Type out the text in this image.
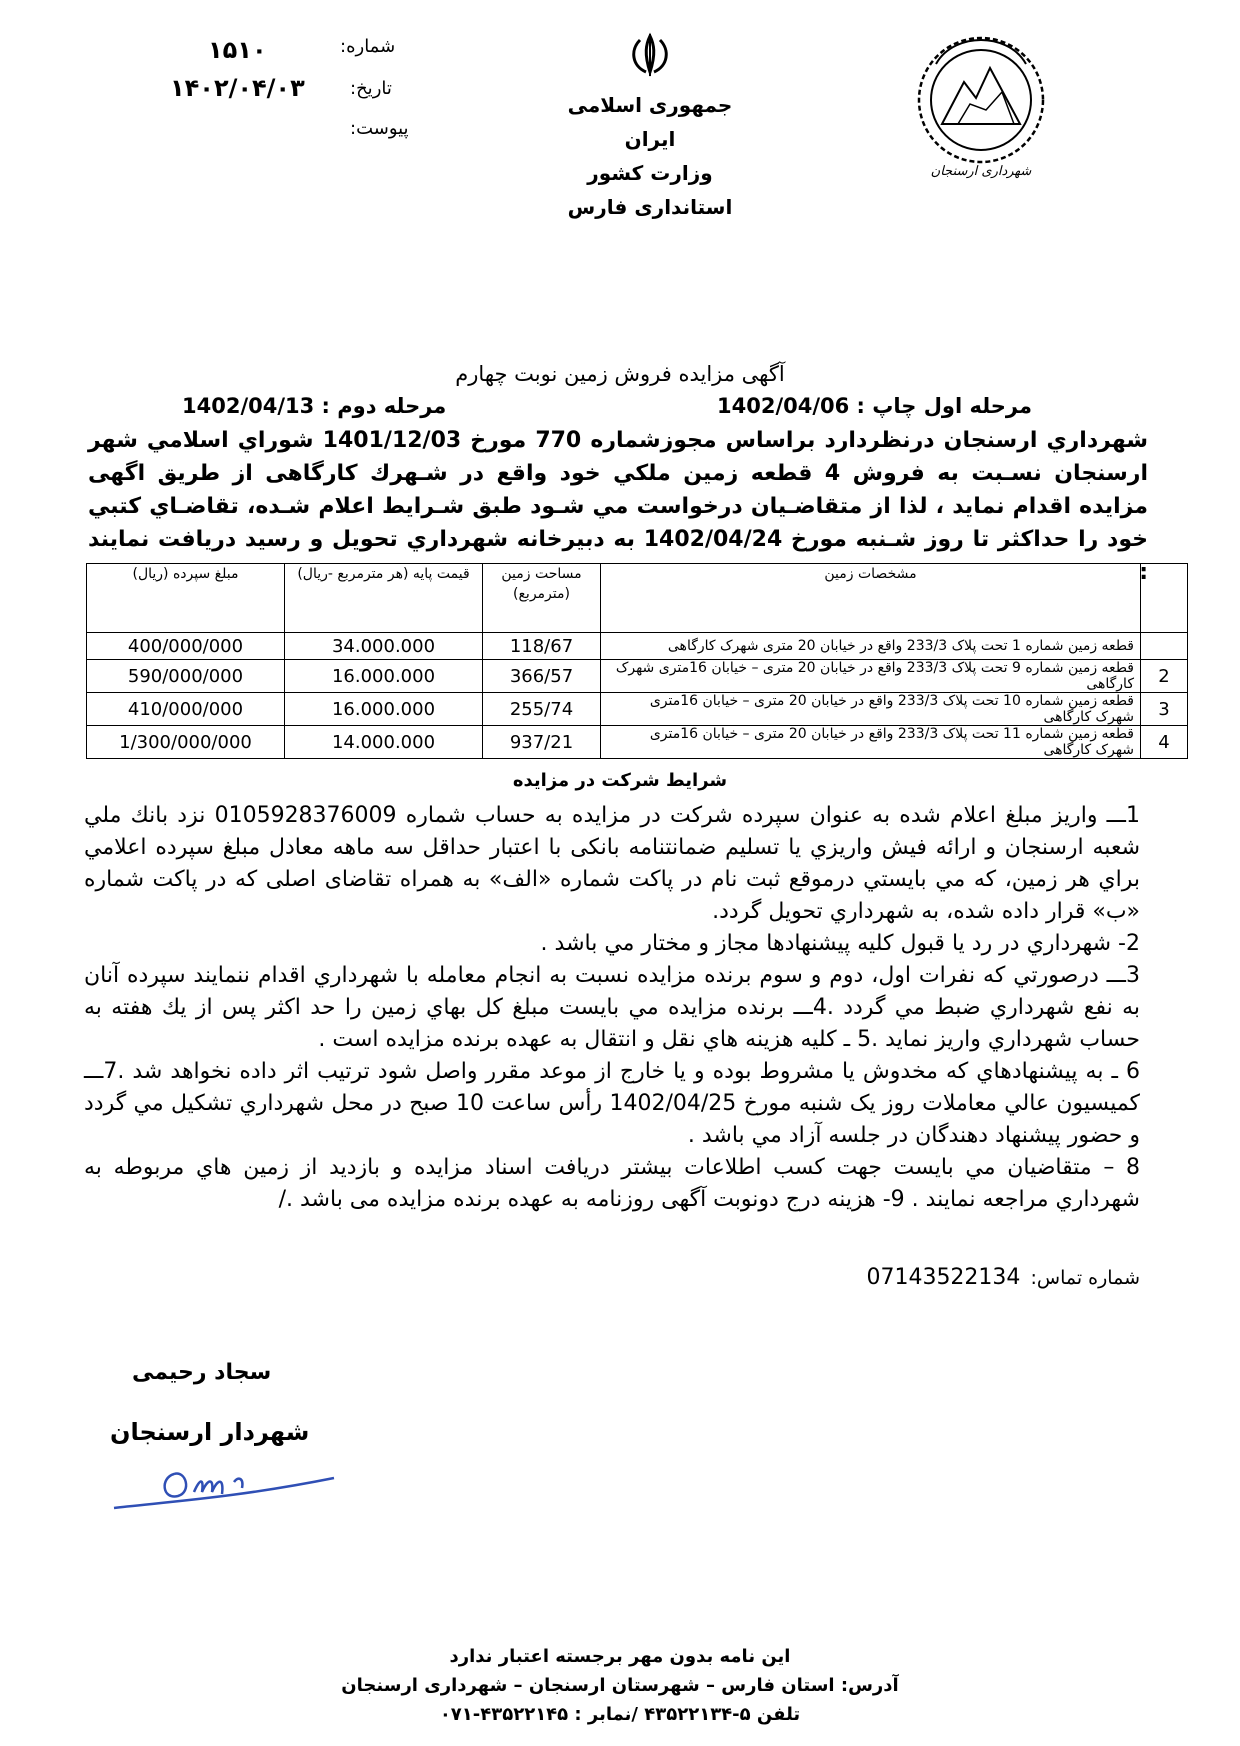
شماره:
۱۵۱۰
تاریخ:
۱۴۰۲/۰۴/۰۳
پیوست:
جمهوری اسلامی ایران
وزارت کشور
استانداری فارس
شهرداری ارسنجان
آگهی مزایده فروش زمین نوبت چهارم
مرحله اول چاپ : 1402/04/06
مرحله دوم : 1402/04/13
شهرداري ارسنجان درنظردارد براساس مجوزشماره 770 مورخ 1401/12/03 شوراي اسلامي شهر ارسنجان نسـبت به فروش 4 قطعه زمين ملكي خود واقع در شـهرك كارگاهی از طریق اگهی مزايده اقدام نمايد ، لذا از متقاضـيان درخواست مي شـود طبق شـرايط اعلام شـده، تقاضـاي كتبي خود را حداكثر تا روز شـنبه مورخ 1402/04/24 به دبيرخانه شهرداري تحويل و رسيد دريافت نمايند :
	مشخصات زمین	مساحت زمین (مترمربع)	قیمت پایه (هر مترمربع -ریال)	مبلغ سپرده (ریال)
	قطعه زمین شماره 1 تحت پلاک 233/3 واقع در خیابان 20 متری شهرک کارگاهی	118/67	34.000.000	400/000/000
2	قطعه زمین شماره 9 تحت پلاک 233/3 واقع در خیابان 20 متری – خیابان 16متری شهرک کارگاهی	366/57	16.000.000	590/000/000
3	قطعه زمین شماره 10 تحت پلاک 233/3 واقع در خیابان 20 متری – خیابان 16متری شهرک کارگاهی	255/74	16.000.000	410/000/000
4	قطعه زمین شماره 11 تحت پلاک 233/3 واقع در خیابان 20 متری – خیابان 16متری شهرک کارگاهی	937/21	14.000.000	1/300/000/000
شرایط شرکت در مزایده
1ـــ واريز مبلغ اعلام شده به عنوان سپرده شركت در مزايده به حساب شماره 0105928376009 نزد بانك ملي شعبه ارسنجان و ارائه فيش واريزي يا تسليم ضمانتنامه بانكی با اعتبار حداقل سه ماهه معادل مبلغ سپرده اعلامي براي هر زمين، كه مي بايستي درموقع ثبت نام در پاكت شماره «الف» به همراه تقاضای اصلی كه در پاكت شماره «ب» قرار داده شده، به شهرداري تحويل گردد.
2- شهرداري در رد يا قبول كليه پيشنهادها مجاز و مختار مي باشد .
3ـــ درصورتي كه نفرات اول، دوم و سوم برنده مزايده نسبت به انجام معامله با شهرداري اقدام ننمايند سپرده آنان به نفع شهرداري ضبط مي گردد .4ـــ برنده مزايده مي بايست مبلغ كل بهاي زمين را حد اكثر پس از يك هفته به حساب شهرداري واريز نمايد .5 ـ كليه هزينه هاي نقل و انتقال به عهده برنده مزايده است .
6 ـ به پيشنهادهاي كه مخدوش يا مشروط بوده و يا خارج از موعد مقرر واصل شود ترتيب اثر داده نخواهد شد .7ـــ كميسيون عالي معاملات روز یک شنبه مورخ 1402/04/25 رأس ساعت 10 صبح در محل شهرداري تشكيل مي گردد و حضور پيشنهاد دهندگان در جلسه آزاد مي باشد .
8 – متقاضيان مي بايست جهت كسب اطلاعات بيشتر دريافت اسناد مزايده و بازديد از زمين هاي مربوطه به شهرداري مراجعه نمايند . 9- هزینه درج دونوبت آگهی روزنامه به عهده برنده مزایده می باشد ./
شماره تماس: 07143522134
سجاد رحيمى
شهردار ارسنجان
اين نامه بدون مهر برجسته اعتبار ندارد
آدرس: استان فارس – شهرستان ارسنجان – شهرداری ارسنجان
تلفن ۵-۴۳۵۲۲۱۳۴ /نمابر : ۴۳۵۲۲۱۴۵-۰۷۱
